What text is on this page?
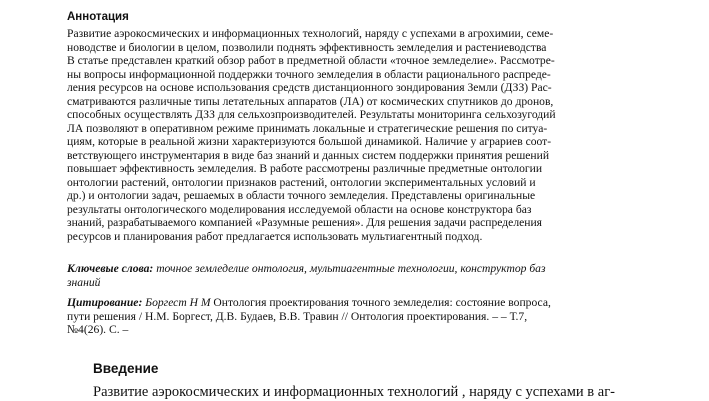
Аннотация
Развитие аэрокосмических и информационных технологий, наряду с успехами в агрохимии, семе-
новодстве и биологии в целом, позволили поднять эффективность земледелия и растениеводства
В статье представлен краткий обзор работ в предметной области «точное земледелие». Рассмотре-
ны вопросы информационной поддержки точного земледелия в области рационального распреде-
ления ресурсов на основе использования средств дистанционного зондирования Земли (ДЗЗ) Рас-
сматриваются различные типы летательных аппаратов (ЛА) от космических спутников до дронов,
способных осуществлять ДЗЗ для сельхозпроизводителей. Результаты мониторинга сельхозугодий
ЛА позволяют в оперативном режиме принимать локальные и стратегические решения по ситуа-
циям, которые в реальной жизни характеризуются большой динамикой. Наличие у аграриев соот-
ветствующего инструментария в виде баз знаний и данных систем поддержки принятия решений
повышает эффективность земледелия. В работе рассмотрены различные предметные онтологии
онтологии растений, онтологии признаков растений, онтологии экспериментальных условий и
др.) и онтологии задач, решаемых в области точного земледелия. Представлены оригинальные
результаты онтологического моделирования исследуемой области на основе конструктора баз
знаний, разрабатываемого компанией «Разумные решения». Для решения задачи распределения
ресурсов и планирования работ предлагается использовать мультиагентный подход.
Ключевые слова: точное земледелие онтология, мультиагентные технологии, конструктор баз знаний
Цитирование: Боргест Н М Онтология проектирования точного земледелия: состояние вопроса,
пути решения / Н.М. Боргест, Д.В. Будаев, В.В. Травин // Онтология проектирования. – – Т.7,
№4(26). С. –
Введение
Развитие аэрокосмических и информационных технологий , наряду с успехами в аг-
